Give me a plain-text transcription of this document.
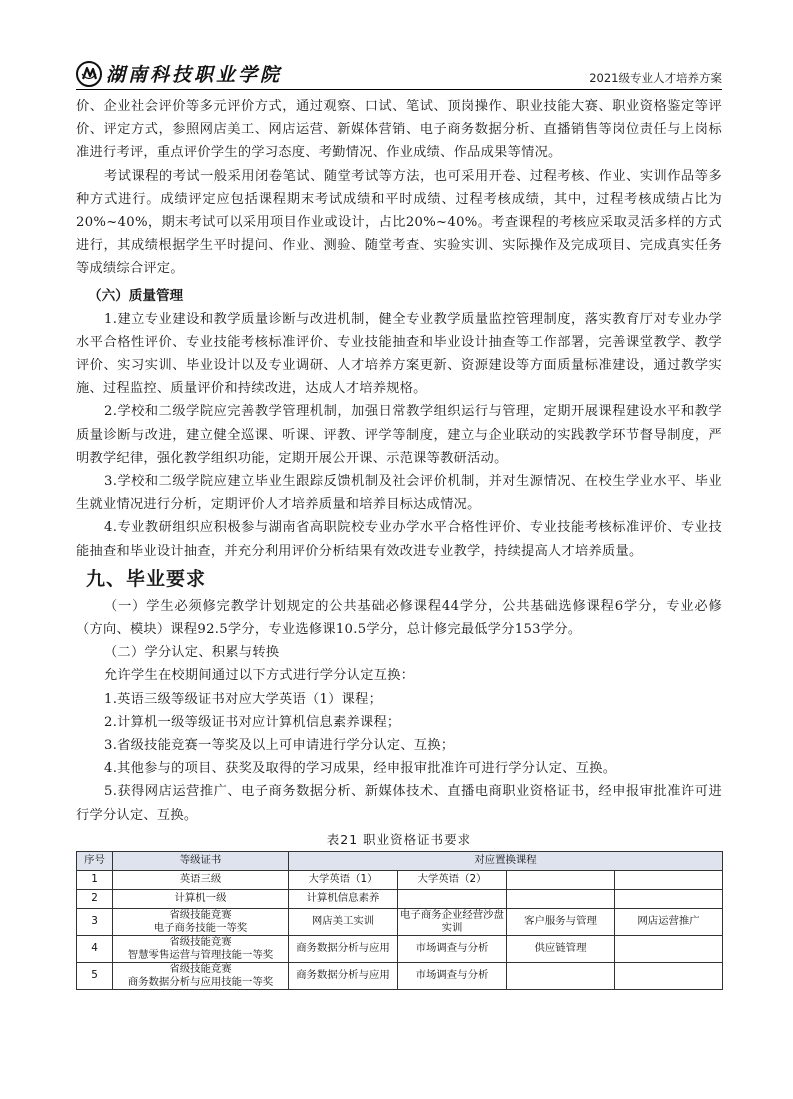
湖南科技职业学院	2021级专业人才培养方案

价、企业社会评价等多元评价方式，通过观察、口试、笔试、顶岗操作、职业技能大赛、职业资格鉴定等评价、评定方式，参照网店美工、网店运营、新媒体营销、电子商务数据分析、直播销售等岗位责任与上岗标准进行考评，重点评价学生的学习态度、考勤情况、作业成绩、作品成果等情况。

考试课程的考试一般采用闭卷笔试、随堂考试等方法，也可采用开卷、过程考核、作业、实训作品等多种方式进行。成绩评定应包括课程期末考试成绩和平时成绩、过程考核成绩，其中，过程考核成绩占比为20%~40%，期末考试可以采用项目作业或设计，占比20%~40%。考查课程的考核应采取灵活多样的方式进行，其成绩根据学生平时提问、作业、测验、随堂考查、实验实训、实际操作及完成项目、完成真实任务等成绩综合评定。

（六）质量管理

1.建立专业建设和教学质量诊断与改进机制，健全专业教学质量监控管理制度，落实教育厅对专业办学水平合格性评价、专业技能考核标准评价、专业技能抽查和毕业设计抽查等工作部署，完善课堂教学、教学评价、实习实训、毕业设计以及专业调研、人才培养方案更新、资源建设等方面质量标准建设，通过教学实施、过程监控、质量评价和持续改进，达成人才培养规格。

2.学校和二级学院应完善教学管理机制，加强日常教学组织运行与管理，定期开展课程建设水平和教学质量诊断与改进，建立健全巡课、听课、评教、评学等制度，建立与企业联动的实践教学环节督导制度，严明教学纪律，强化教学组织功能，定期开展公开课、示范课等教研活动。

3.学校和二级学院应建立毕业生跟踪反馈机制及社会评价机制，并对生源情况、在校生学业水平、毕业生就业情况进行分析，定期评价人才培养质量和培养目标达成情况。

4.专业教研组织应积极参与湖南省高职院校专业办学水平合格性评价、专业技能考核标准评价、专业技能抽查和毕业设计抽查，并充分利用评价分析结果有效改进专业教学，持续提高人才培养质量。

九、毕业要求

（一）学生必须修完教学计划规定的公共基础必修课程44学分，公共基础选修课程6学分，专业必修（方向、模块）课程92.5学分，专业选修课10.5学分，总计修完最低学分153学分。

（二）学分认定、积累与转换

允许学生在校期间通过以下方式进行学分认定互换：

1.英语三级等级证书对应大学英语（1）课程；

2.计算机一级等级证书对应计算机信息素养课程；

3.省级技能竞赛一等奖及以上可申请进行学分认定、互换；

4.其他参与的项目、获奖及取得的学习成果，经申报审批准许可进行学分认定、互换。

5.获得网店运营推广、电子商务数据分析、新媒体技术、直播电商职业资格证书，经申报审批准许可进行学分认定、互换。

表21 职业资格证书要求
序号	等级证书	对应置换课程			
1	英语三级	大学英语（1）	大学英语（2）		
2	计算机一级	计算机信息素养			
3	省级技能竞赛
电子商务技能一等奖	网店美工实训	电子商务企业经营沙盘实训	客户服务与管理	网店运营推广
4	省级技能竞赛
智慧零售运营与管理技能一等奖	商务数据分析与应用	市场调查与分析	供应链管理	
5	省级技能竞赛
商务数据分析与应用技能一等奖	商务数据分析与应用	市场调查与分析		
